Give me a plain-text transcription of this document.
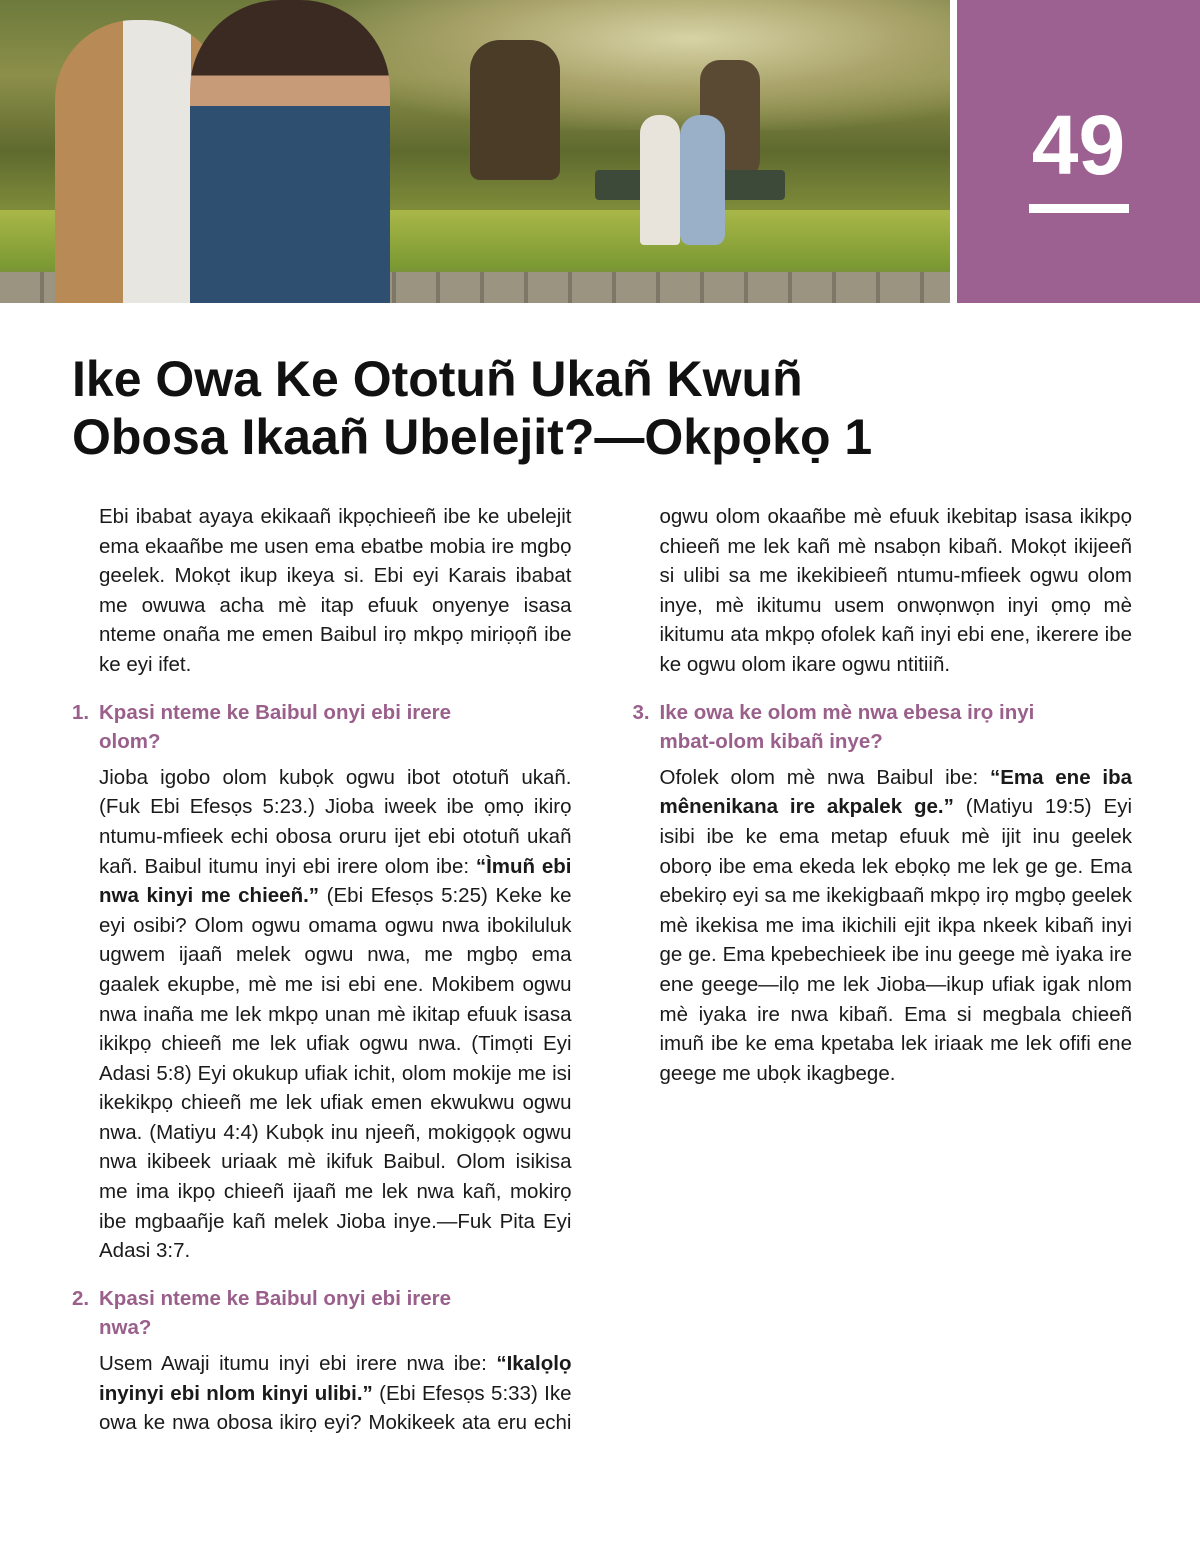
49
Ike Owa Ke Ototuñ Ukañ Kwuñ
Obosa Ikaañ Ubelejit?—Okpọkọ 1

Ebi ibabat ayaya ekikaañ ikpọchieeñ ibe ke ubelejit ema ekaañbe me usen ema ebatbe mobia ire mgbọ geelek. Mokọt ikup ikeya si. Ebi eyi Karais ibabat me owuwa acha mè itap efuuk onyenye isasa nteme onaña me emen Baibul irọ mkpọ miriọọñ ibe ke eyi ifet.

1. Kpasi nteme ke Baibul onyi ebi irere olom?

Jioba igobo olom kubọk ogwu ibot ototuñ ukañ. (Fuk Ebi Efesọs 5:23.) Jioba iweek ibe ọmọ ikirọ ntumu-mfieek echi obosa oruru ijet ebi ototuñ ukañ kañ. Baibul itumu inyi ebi irere olom ibe: “Ìmuñ ebi nwa kinyi me chieeñ.” (Ebi Efesọs 5:25) Keke ke eyi osibi? Olom ogwu omama ogwu nwa ibokiluluk ugwem ijaañ melek ogwu nwa, me mgbọ ema gaalek ekupbe, mè me isi ebi ene. Mokibem ogwu nwa inaña me lek mkpọ unan mè ikitap efuuk isasa ikikpọ chieeñ me lek ufiak ogwu nwa. (Timọti Eyi Adasi 5:8) Eyi okukup ufiak ichit, olom mokije me isi ikekikpọ chieeñ me lek ufiak emen ekwukwu ogwu nwa. (Matiyu 4:4) Kubọk inu njeeñ, mokigọọk ogwu nwa ikibeek uriaak mè ikifuk Baibul. Olom isikisa me ima ikpọ chieeñ ijaañ me lek nwa kañ, mokirọ ibe mgbaañje kañ melek Jioba inye.—Fuk Pita Eyi Adasi 3:7.

2. Kpasi nteme ke Baibul onyi ebi irere nwa?

Usem Awaji itumu inyi ebi irere nwa ibe: “Ikalọlọ inyinyi ebi nlom kinyi ulibi.” (Ebi Efesọs 5:33) Ike owa ke nwa obosa ikirọ eyi? Mokikeek ata eru echi ogwu olom okaañbe mè efuuk ikebitap isasa ikikpọ chieeñ me lek kañ mè nsabọn kibañ. Mokọt ikijeeñ si ulibi sa me ikekibieeñ ntumu-mfieek ogwu olom inye, mè ikitumu usem onwọnwọn inyi ọmọ mè ikitumu ata mkpọ ofolek kañ inyi ebi ene, ikerere ibe ke ogwu olom ikare ogwu ntitiiñ.

3. Ike owa ke olom mè nwa ebesa irọ inyi mbat-olom kibañ inye?

Ofolek olom mè nwa Baibul ibe: “Ema ene iba mênenikana ire akpalek ge.” (Matiyu 19:5) Eyi isibi ibe ke ema metap efuuk mè ijit inu geelek oborọ ibe ema ekeda lek ebọkọ me lek ge ge. Ema ebekirọ eyi sa me ikekigbaañ mkpọ irọ mgbọ geelek mè ikekisa me ima ikichili ejit ikpa nkeek kibañ inyi ge ge. Ema kpebechieek ibe inu geege mè iyaka ire ene geege—ilọ me lek Jioba—ikup ufiak igak nlom mè iyaka ire nwa kibañ. Ema si megbala chieeñ imuñ ibe ke ema kpetaba lek iriaak me lek ofifi ene geege me ubọk ikagbege.
